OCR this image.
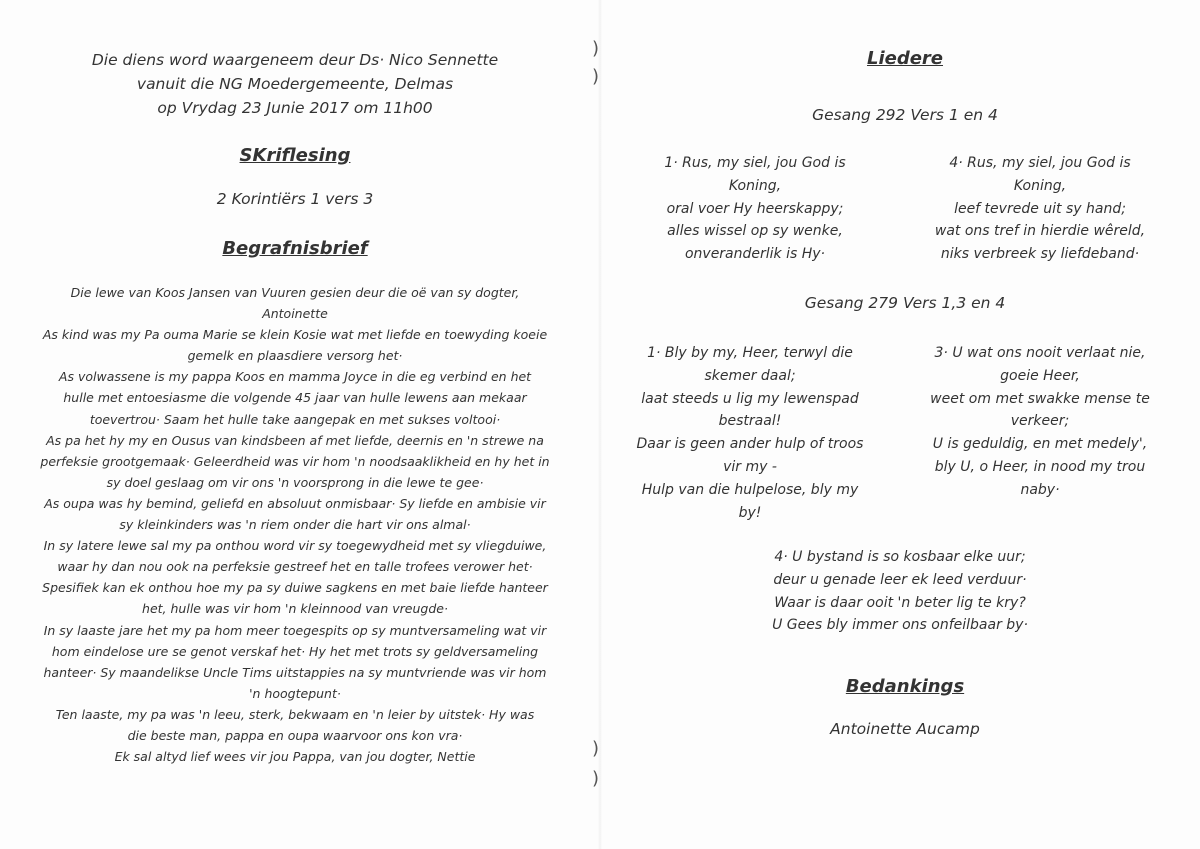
)
)
)
)
Die diens word waargeneem deur Ds· Nico Sennette
vanuit die NG Moedergemeente, Delmas
op Vrydag 23 Junie 2017 om 11h00
SKriflesing
2 Korintiërs 1 vers 3
Begrafnisbrief

Die lewe van Koos Jansen van Vuuren gesien deur die oë van sy dogter,

Antoinette

As kind was my Pa ouma Marie se klein Kosie wat met liefde en toewyding koeie

gemelk en plaasdiere versorg het·

As volwassene is my pappa Koos en mamma Joyce in die eg verbind en het

hulle met entoesiasme die volgende 45 jaar van hulle lewens aan mekaar

toevertrou· Saam het hulle take aangepak en met sukses voltooi·

As pa het hy my en Ousus van kindsbeen af met liefde, deernis en 'n strewe na

perfeksie grootgemaak· Geleerdheid was vir hom 'n noodsaaklikheid en hy het in

sy doel geslaag om vir ons 'n voorsprong in die lewe te gee·

As oupa was hy bemind, geliefd en absoluut onmisbaar· Sy liefde en ambisie vir

sy kleinkinders was 'n riem onder die hart vir ons almal·

In sy latere lewe sal my pa onthou word vir sy toegewydheid met sy vliegduiwe,

waar hy dan nou ook na perfeksie gestreef het en talle trofees verower het·

Spesifiek kan ek onthou hoe my pa sy duiwe sagkens en met baie liefde hanteer

het, hulle was vir hom 'n kleinnood van vreugde·

In sy laaste jare het my pa hom meer toegespits op sy muntversameling wat vir

hom eindelose ure se genot verskaf het· Hy het met trots sy geldversameling

hanteer· Sy maandelikse Uncle Tims uitstappies na sy muntvriende was vir hom

'n hoogtepunt·

Ten laaste, my pa was 'n leeu, sterk, bekwaam en 'n leier by uitstek· Hy was

die beste man, pappa en oupa waarvoor ons kon vra·

Ek sal altyd lief wees vir jou Pappa, van jou dogter, Nettie

Liedere
Gesang 292 Vers 1 en 4

1· Rus, my siel, jou God is

Koning,

oral voer Hy heerskappy;

alles wissel op sy wenke,

onveranderlik is Hy·

4· Rus, my siel, jou God is

Koning,

leef tevrede uit sy hand;

wat ons tref in hierdie wêreld,

niks verbreek sy liefdeband·

Gesang 279 Vers 1,3 en 4

1· Bly by my, Heer, terwyl die

skemer daal;

laat steeds u lig my lewenspad

bestraal!

Daar is geen ander hulp of troos

vir my -

Hulp van die hulpelose, bly my

by!

3· U wat ons nooit verlaat nie,

goeie Heer,

weet om met swakke mense te

verkeer;

U is geduldig, en met medely',

bly U, o Heer, in nood my trou

naby·

4· U bystand is so kosbaar elke uur;

deur u genade leer ek leed verduur·

Waar is daar ooit 'n beter lig te kry?

U Gees bly immer ons onfeilbaar by·

Bedankings
Antoinette Aucamp
